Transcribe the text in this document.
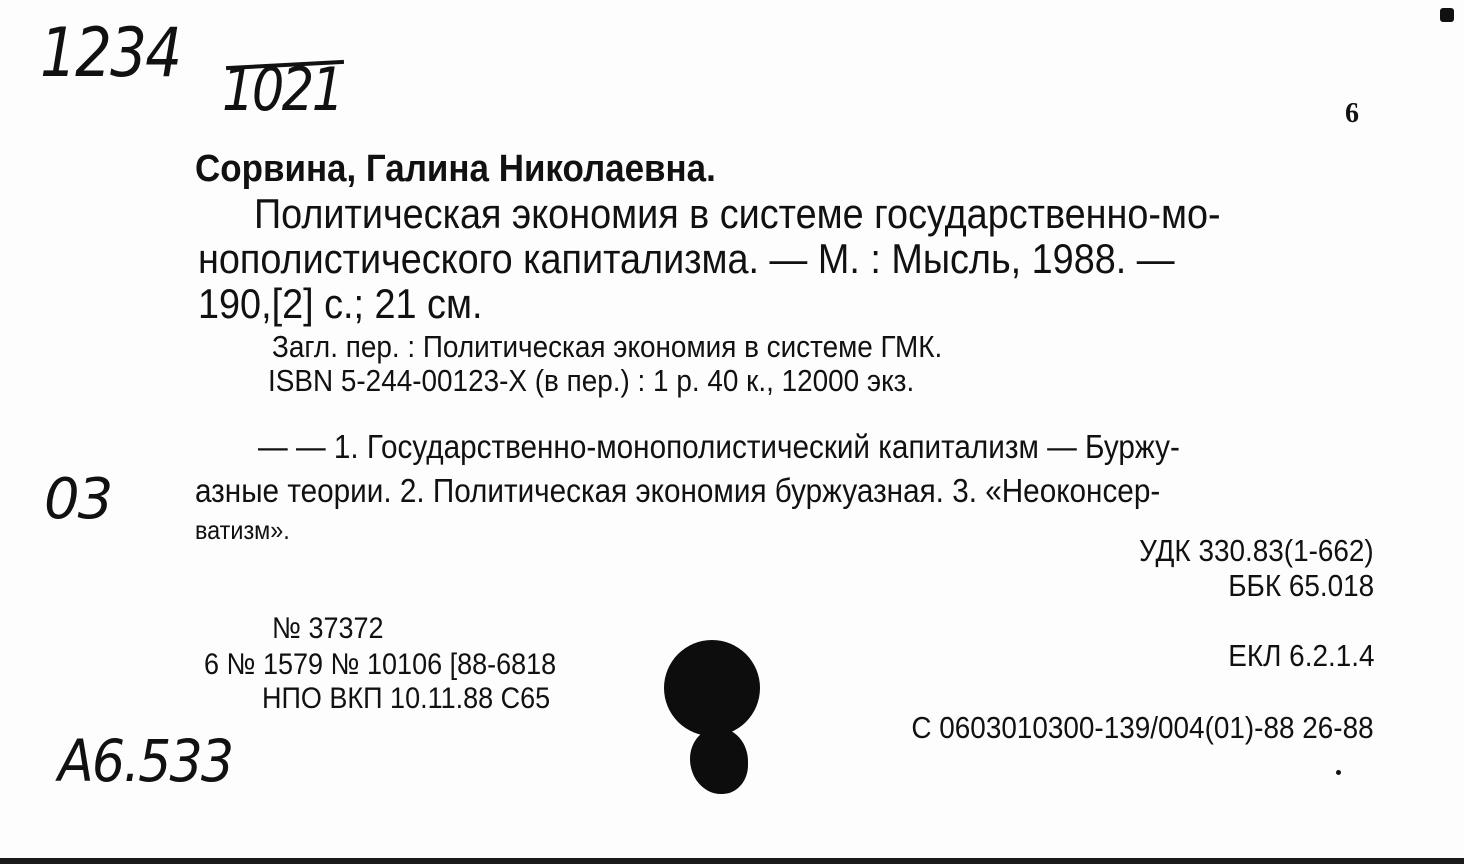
1234 1021	6
Сорвина, Галина Николаевна.
Политическая экономия в системе государственно-мо-
нополистического капитализма. — М. : Мысль, 1988. —
190,[2] с.; 21 см.
Загл. пер. : Политическая экономия в системе ГМК.
ISBN 5-244-00123-X (в пер.) : 1 р. 40 к., 12000 экз.
03
— — 1. Государственно-монополистический капитализм — Буржу-
азные теории. 2. Политическая экономия буржуазная. 3. «Неоконсер-
ватизм».
УДК 330.83(1-662)
ББК 65.018
ЕКЛ 6.2.1.4
С 0603010300-139/004(01)-88 26-88
№ 37372
6 № 1579 № 10106 [88-6818
НПО ВКП 10.11.88 С65
A6.533
